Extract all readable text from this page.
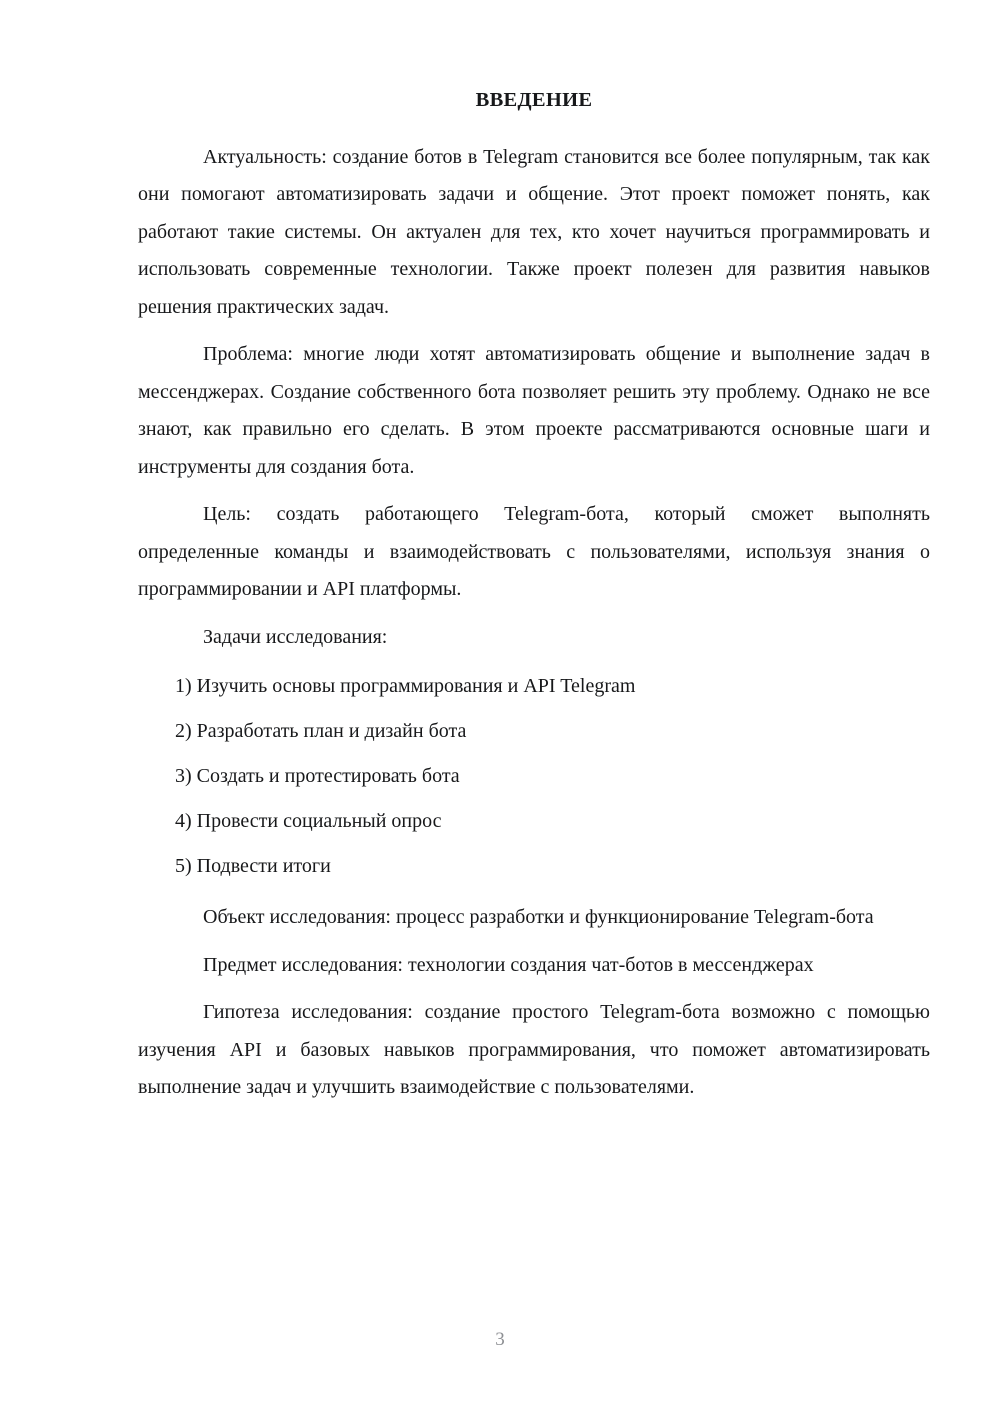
ВВЕДЕНИЕ

Актуальность: создание ботов в Telegram становится все более популярным, так как они помогают автоматизировать задачи и общение. Этот проект поможет понять, как работают такие системы. Он актуален для тех, кто хочет научиться программировать и использовать современные технологии. Также проект полезен для развития навыков решения практических задач.

Проблема: многие люди хотят автоматизировать общение и выполнение задач в мессенджерах. Создание собственного бота позволяет решить эту проблему. Однако не все знают, как правильно его сделать. В этом проекте рассматриваются основные шаги и инструменты для создания бота.

Цель: создать работающего Telegram-бота, который сможет выполнять определенные команды и взаимодействовать с пользователями, используя знания о программировании и API платформы.

Задачи исследования:

1) Изучить основы программирования и API Telegram
2) Разработать план и дизайн бота
3) Создать и протестировать бота
4) Провести социальный опрос
5) Подвести итоги

Объект исследования: процесс разработки и функционирование Telegram-бота

Предмет исследования: технологии создания чат-ботов в мессенджерах

Гипотеза исследования: создание простого Telegram-бота возможно с помощью изучения API и базовых навыков программирования, что поможет автоматизировать выполнение задач и улучшить взаимодействие с пользователями.

3
